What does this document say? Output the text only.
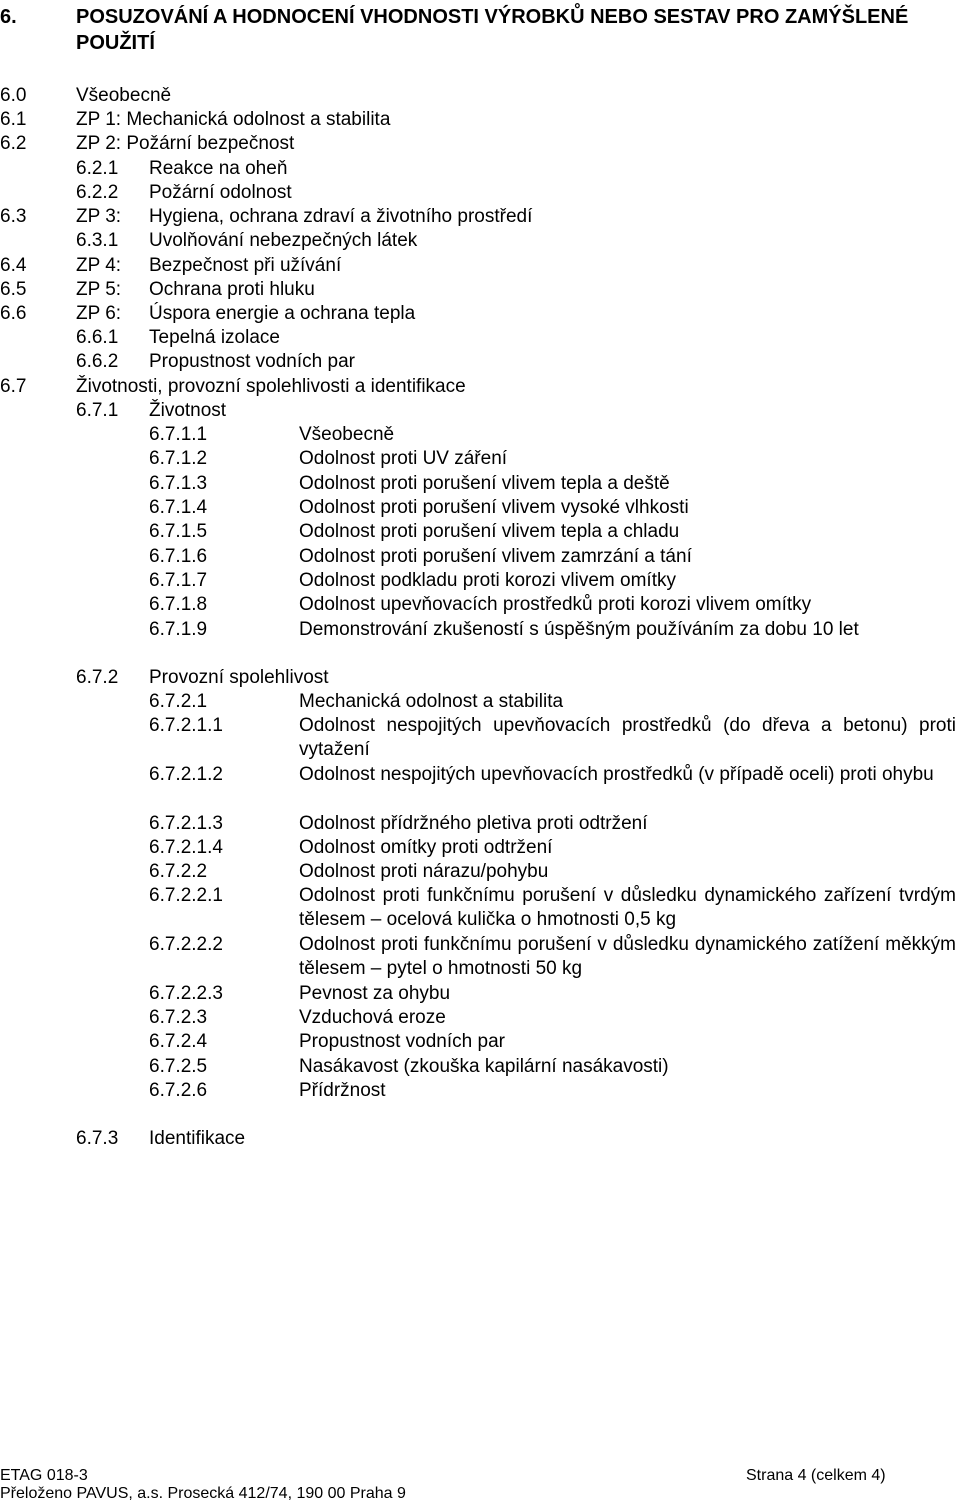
6.	POSUZOVÁNÍ A HODNOCENÍ VHODNOSTI VÝROBKŮ NEBO SESTAV PRO ZAMÝŠLENÉ POUŽITÍ
6.0	Všeobecně
6.1	ZP 1: Mechanická odolnost a stabilita
6.2	ZP 2: Požární bezpečnost
6.2.1 Reakce na oheň
6.2.2 Požární odolnost
6.3	ZP 3: Hygiena, ochrana zdraví a životního prostředí
6.3.1 Uvolňování nebezpečných látek
6.4	ZP 4: Bezpečnost při užívání
6.5	ZP 5: Ochrana proti hluku
6.6	ZP 6: Úspora energie a ochrana tepla
6.6.1 Tepelná izolace
6.6.2 Propustnost vodních par
6.7	Životnosti, provozní spolehlivosti a identifikace
6.7.1 Životnost
6.7.1.1	Všeobecně
6.7.1.2	Odolnost proti UV záření
6.7.1.3	Odolnost proti porušení vlivem tepla a deště
6.7.1.4	Odolnost proti porušení vlivem vysoké vlhkosti
6.7.1.5	Odolnost proti porušení vlivem tepla a chladu
6.7.1.6	Odolnost proti porušení vlivem zamrzání a tání
6.7.1.7	Odolnost podkladu proti korozi vlivem omítky
6.7.1.8	Odolnost upevňovacích prostředků proti korozi vlivem omítky
6.7.1.9	Demonstrování zkušeností s úspěšným používáním za dobu 10 let
6.7.2 Provozní spolehlivost
6.7.2.1	Mechanická odolnost a stabilita
6.7.2.1.1	Odolnost nespojitých upevňovacích prostředků (do dřeva a betonu) proti vytažení
6.7.2.1.2	Odolnost nespojitých upevňovacích prostředků (v případě oceli) proti ohybu
6.7.2.1.3	Odolnost přídržného pletiva proti odtržení
6.7.2.1.4	Odolnost omítky proti odtržení
6.7.2.2	Odolnost proti nárazu/pohybu
6.7.2.2.1	Odolnost proti funkčnímu porušení v důsledku dynamického zařízení tvrdým tělesem – ocelová kulička o hmotnosti 0,5 kg
6.7.2.2.2	Odolnost proti funkčnímu porušení v důsledku dynamického zatížení měkkým tělesem – pytel o hmotnosti 50 kg
6.7.2.2.3	Pevnost za ohybu
6.7.2.3	Vzduchová eroze
6.7.2.4	Propustnost vodních par
6.7.2.5	Nasákavost (zkouška kapilární nasákavosti)
6.7.2.6	Přídržnost
6.7.3 Identifikace
ETAG 018-3	Strana 4 (celkem 4)
Přeloženo PAVUS, a.s. Prosecká 412/74, 190 00 Praha 9
